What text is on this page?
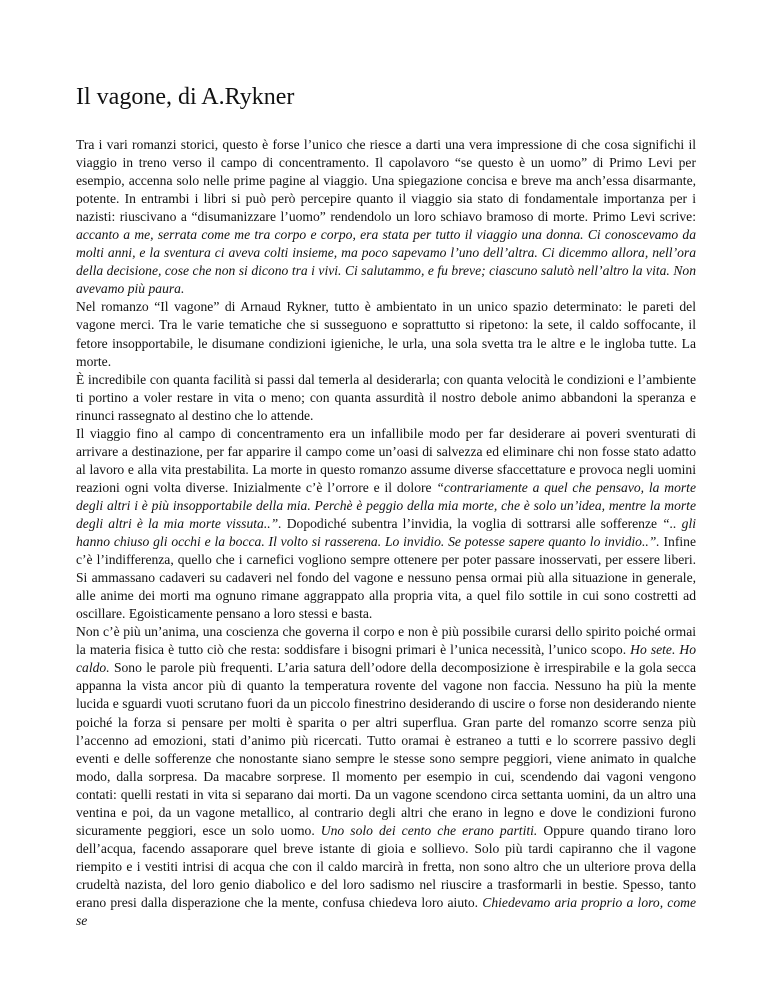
Il vagone, di A.Rykner

Tra i vari romanzi storici, questo è forse l’unico che riesce a darti una vera impressione di che cosa significhi il viaggio in treno verso il campo di concentramento. Il capolavoro “se questo è un uomo” di Primo Levi per esempio, accenna solo nelle prime pagine al viaggio. Una spiegazione concisa e breve ma anch’essa disarmante, potente. In entrambi i libri si può però percepire quanto il viaggio sia stato di fondamentale importanza per i nazisti: riuscivano a “disumanizzare l’uomo” rendendolo un loro schiavo bramoso di morte. Primo Levi scrive: accanto a me, serrata come me tra corpo e corpo, era stata per tutto il viaggio una donna. Ci conoscevamo da molti anni, e la sventura ci aveva colti insieme, ma poco sapevamo l’uno dell’altra. Ci dicemmo allora, nell’ora della decisione, cose che non si dicono tra i vivi. Ci salutammo, e fu breve; ciascuno salutò nell’altro la vita. Non avevamo più paura.

Nel romanzo “Il vagone” di Arnaud Rykner, tutto è ambientato in un unico spazio determinato: le pareti del vagone merci. Tra le varie tematiche che si susseguono e soprattutto si ripetono: la sete, il caldo soffocante, il fetore insopportabile, le disumane condizioni igieniche, le urla, una sola svetta tra le altre e le ingloba tutte. La morte.

È incredibile con quanta facilità si passi dal temerla al desiderarla; con quanta velocità le condizioni e l’ambiente ti portino a voler restare in vita o meno; con quanta assurdità il nostro debole animo abbandoni la speranza e rinunci rassegnato al destino che lo attende.

Il viaggio fino al campo di concentramento era un infallibile modo per far desiderare ai poveri sventurati di arrivare a destinazione, per far apparire il campo come un’oasi di salvezza ed eliminare chi non fosse stato adatto al lavoro e alla vita prestabilita. La morte in questo romanzo assume diverse sfaccettature e provoca negli uomini reazioni ogni volta diverse. Inizialmente c’è l’orrore e il dolore “contrariamente a quel che pensavo, la morte degli altri i è più insopportabile della mia. Perchè è peggio della mia morte, che è solo un’idea, mentre la morte degli altri è la mia morte vissuta..”. Dopodiché subentra l’invidia, la voglia di sottrarsi alle sofferenze “.. gli hanno chiuso gli occhi e la bocca. Il volto si rasserena. Lo invidio. Se potesse sapere quanto lo invidio..”. Infine c’è l’indifferenza, quello che i carnefici vogliono sempre ottenere per poter passare inosservati, per essere liberi. Si ammassano cadaveri su cadaveri nel fondo del vagone e nessuno pensa ormai più alla situazione in generale, alle anime dei morti ma ognuno rimane aggrappato alla propria vita, a quel filo sottile in cui sono costretti ad oscillare. Egoisticamente pensano a loro stessi e basta.

Non c’è più un’anima, una coscienza che governa il corpo e non è più possibile curarsi dello spirito poiché ormai la materia fisica è tutto ciò che resta: soddisfare i bisogni primari è l’unica necessità, l’unico scopo. Ho sete. Ho caldo. Sono le parole più frequenti. L’aria satura dell’odore della decomposizione è irrespirabile e la gola secca appanna la vista ancor più di quanto la temperatura rovente del vagone non faccia. Nessuno ha più la mente lucida e sguardi vuoti scrutano fuori da un piccolo finestrino desiderando di uscire o forse non desiderando niente poiché la forza si pensare per molti è sparita o per altri superflua. Gran parte del romanzo scorre senza più l’accenno ad emozioni, stati d’animo più ricercati. Tutto oramai è estraneo a tutti e lo scorrere passivo degli eventi e delle sofferenze che nonostante siano sempre le stesse sono sempre peggiori, viene animato in qualche modo, dalla sorpresa. Da macabre sorprese. Il momento per esempio in cui, scendendo dai vagoni vengono contati: quelli restati in vita si separano dai morti. Da un vagone scendono circa settanta uomini, da un altro una ventina e poi, da un vagone metallico, al contrario degli altri che erano in legno e dove le condizioni furono sicuramente peggiori, esce un solo uomo. Uno solo dei cento che erano partiti. Oppure quando tirano loro dell’acqua, facendo assaporare quel breve istante di gioia e sollievo. Solo più tardi capiranno che il vagone riempito e i vestiti intrisi di acqua che con il caldo marcirà in fretta, non sono altro che un ulteriore prova della crudeltà nazista, del loro genio diabolico e del loro sadismo nel riuscire a trasformarli in bestie. Spesso, tanto erano presi dalla disperazione che la mente, confusa chiedeva loro aiuto. Chiedevamo aria proprio a loro, come se
